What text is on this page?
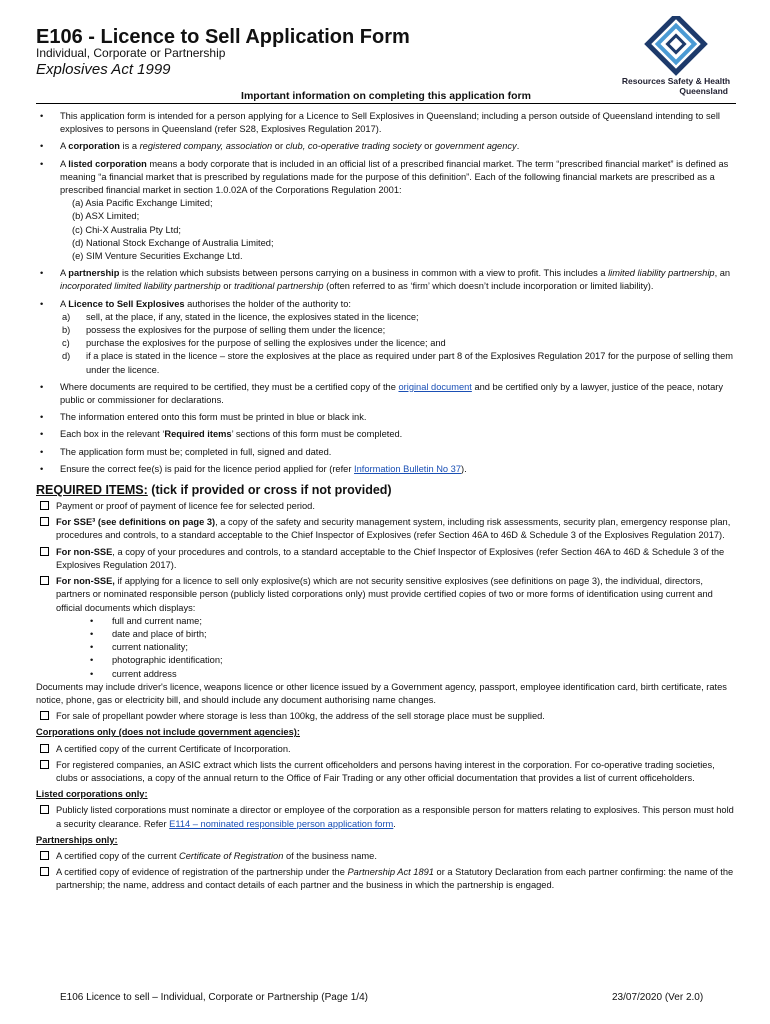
E106 - Licence to Sell Application Form
Individual, Corporate or Partnership
Explosives Act 1999
Resources Safety & Health
Queensland
Important information on completing this application form
• This application form is intended for a person applying for a Licence to Sell Explosives in Queensland; including a person outside of Queensland intending to sell explosives to persons in Queensland (refer S28, Explosives Regulation 2017).
• A corporation is a registered company, association or club, co-operative trading society or government agency.
• A listed corporation means a body corporate that is included in an official list of a prescribed financial market. The term “prescribed financial market” is defined as meaning “a financial market that is prescribed by regulations made for the purpose of this definition”. Each of the following financial markets are prescribed as a prescribed financial market in section 1.0.02A of the Corporations Regulation 2001:
(a) Asia Pacific Exchange Limited;
(b) ASX Limited;
(c) Chi-X Australia Pty Ltd;
(d) National Stock Exchange of Australia Limited;
(e) SIM Venture Securities Exchange Ltd.
• A partnership is the relation which subsists between persons carrying on a business in common with a view to profit. This includes a limited liability partnership, an incorporated limited liability partnership or traditional partnership (often referred to as ‘firm’ which doesn’t include incorporation or limited liability).
• A Licence to Sell Explosives authorises the holder of the authority to:
a) sell, at the place, if any, stated in the licence, the explosives stated in the licence;
b) possess the explosives for the purpose of selling them under the licence;
c) purchase the explosives for the purpose of selling the explosives under the licence; and
d) if a place is stated in the licence – store the explosives at the place as required under part 8 of the Explosives Regulation 2017 for the purpose of selling them under the licence.
• Where documents are required to be certified, they must be a certified copy of the original document and be certified only by a lawyer, justice of the peace, notary public or commissioner for declarations.
• The information entered onto this form must be printed in blue or black ink.
• Each box in the relevant ‘Required items’ sections of this form must be completed.
• The application form must be; completed in full, signed and dated.
• Ensure the correct fee(s) is paid for the licence period applied for (refer Information Bulletin No 37).
REQUIRED ITEMS: (tick if provided or cross if not provided)
Payment or proof of payment of licence fee for selected period.
For SSE³ (see definitions on page 3), a copy of the safety and security management system, including risk assessments, security plan, emergency response plan, procedures and controls, to a standard acceptable to the Chief Inspector of Explosives (refer Section 46A to 46D & Schedule 3 of the Explosives Regulation 2017).
For non-SSE, a copy of your procedures and controls, to a standard acceptable to the Chief Inspector of Explosives (refer Section 46A to 46D & Schedule 3 of the Explosives Regulation 2017).
For non-SSE, if applying for a licence to sell only explosive(s) which are not security sensitive explosives (see definitions on page 3), the individual, directors, partners or nominated responsible person (publicly listed corporations only) must provide certified copies of two or more forms of identification using current and official documents which displays:
• full and current name;
• date and place of birth;
• current nationality;
• photographic identification;
• current address
Documents may include driver's licence, weapons licence or other licence issued by a Government agency, passport, employee identification card, birth certificate, rates notice, phone, gas or electricity bill, and should include any document authorising name changes.
For sale of propellant powder where storage is less than 100kg, the address of the sell storage place must be supplied.
Corporations only (does not include government agencies):
A certified copy of the current Certificate of Incorporation.
For registered companies, an ASIC extract which lists the current officeholders and persons having interest in the corporation. For co-operative trading societies, clubs or associations, a copy of the annual return to the Office of Fair Trading or any other official documentation that provides a list of current officeholders.
Listed corporations only:
Publicly listed corporations must nominate a director or employee of the corporation as a responsible person for matters relating to explosives. This person must hold a security clearance. Refer E114 – nominated responsible person application form.
Partnerships only:
A certified copy of the current Certificate of Registration of the business name.
A certified copy of evidence of registration of the partnership under the Partnership Act 1891 or a Statutory Declaration from each partner confirming: the name of the partnership; the name, address and contact details of each partner and the business in which the partnership is engaged.
E106 Licence to sell – Individual, Corporate or Partnership (Page 1/4)	23/07/2020 (Ver 2.0)
